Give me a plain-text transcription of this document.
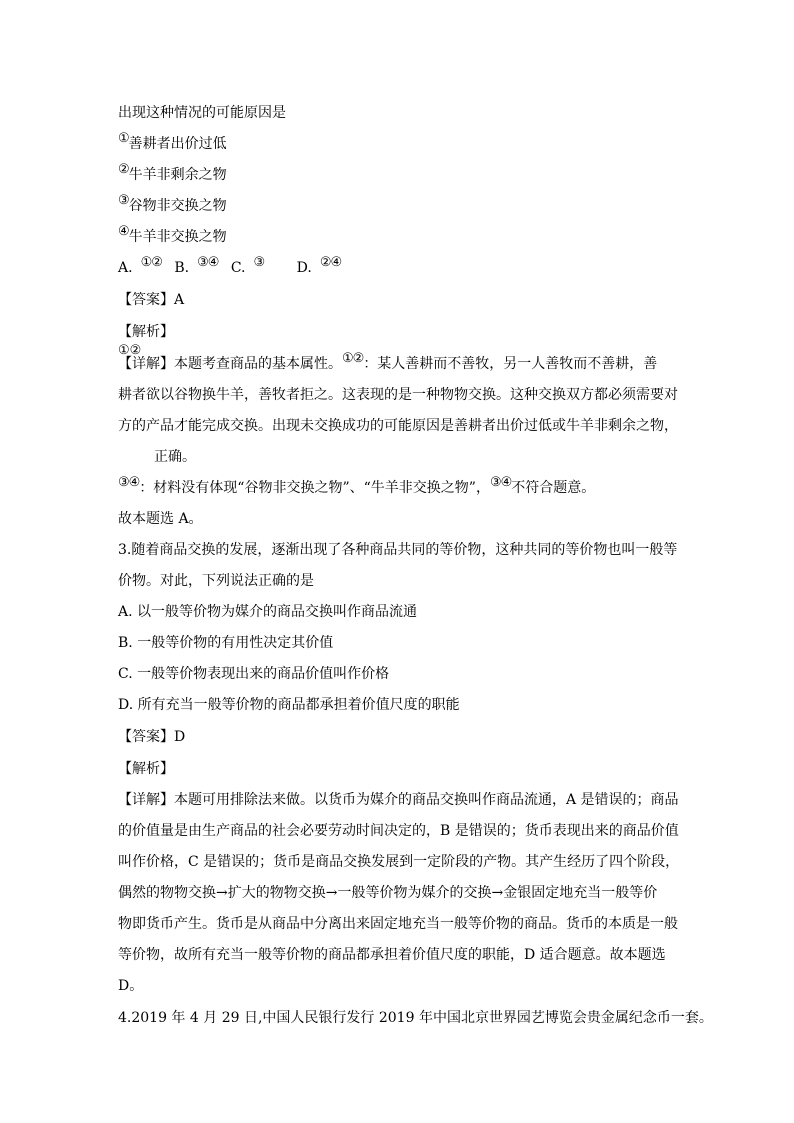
出现这种情况的可能原因是
①善耕者出价过低
②牛羊非剩余之物
③谷物非交换之物
④牛羊非交换之物
A. ①② B. ③④ C. ③ D. ②④
【答案】A
【解析】
①②
【详解】本题考查商品的基本属性。①②：某人善耕而不善牧，另一人善牧而不善耕，善
耕者欲以谷物换牛羊，善牧者拒之。这表现的是一种物物交换。这种交换双方都必须需要对
方的产品才能完成交换。出现未交换成功的可能原因是善耕者出价过低或牛羊非剩余之物，
正确。
③④：材料没有体现“谷物非交换之物”、“牛羊非交换之物”，③④不符合题意。
故本题选 A。
3.随着商品交换的发展，逐渐出现了各种商品共同的等价物，这种共同的等价物也叫一般等
价物。对此，下列说法正确的是
A. 以一般等价物为媒介的商品交换叫作商品流通
B. 一般等价物的有用性决定其价值
C. 一般等价物表现出来的商品价值叫作价格
D. 所有充当一般等价物的商品都承担着价值尺度的职能
【答案】D
【解析】
【详解】本题可用排除法来做。以货币为媒介的商品交换叫作商品流通，A 是错误的；商品
的价值量是由生产商品的社会必要劳动时间决定的，B 是错误的；货币表现出来的商品价值
叫作价格，C 是错误的；货币是商品交换发展到一定阶段的产物。其产生经历了四个阶段，
偶然的物物交换→扩大的物物交换→一般等价物为媒介的交换→金银固定地充当一般等价
物即货币产生。货币是从商品中分离出来固定地充当一般等价物的商品。货币的本质是一般
等价物，故所有充当一般等价物的商品都承担着价值尺度的职能，D 适合题意。故本题选
D。
4.2019 年 4 月 29 日,中国人民银行发行 2019 年中国北京世界园艺博览会贵金属纪念币一套。
